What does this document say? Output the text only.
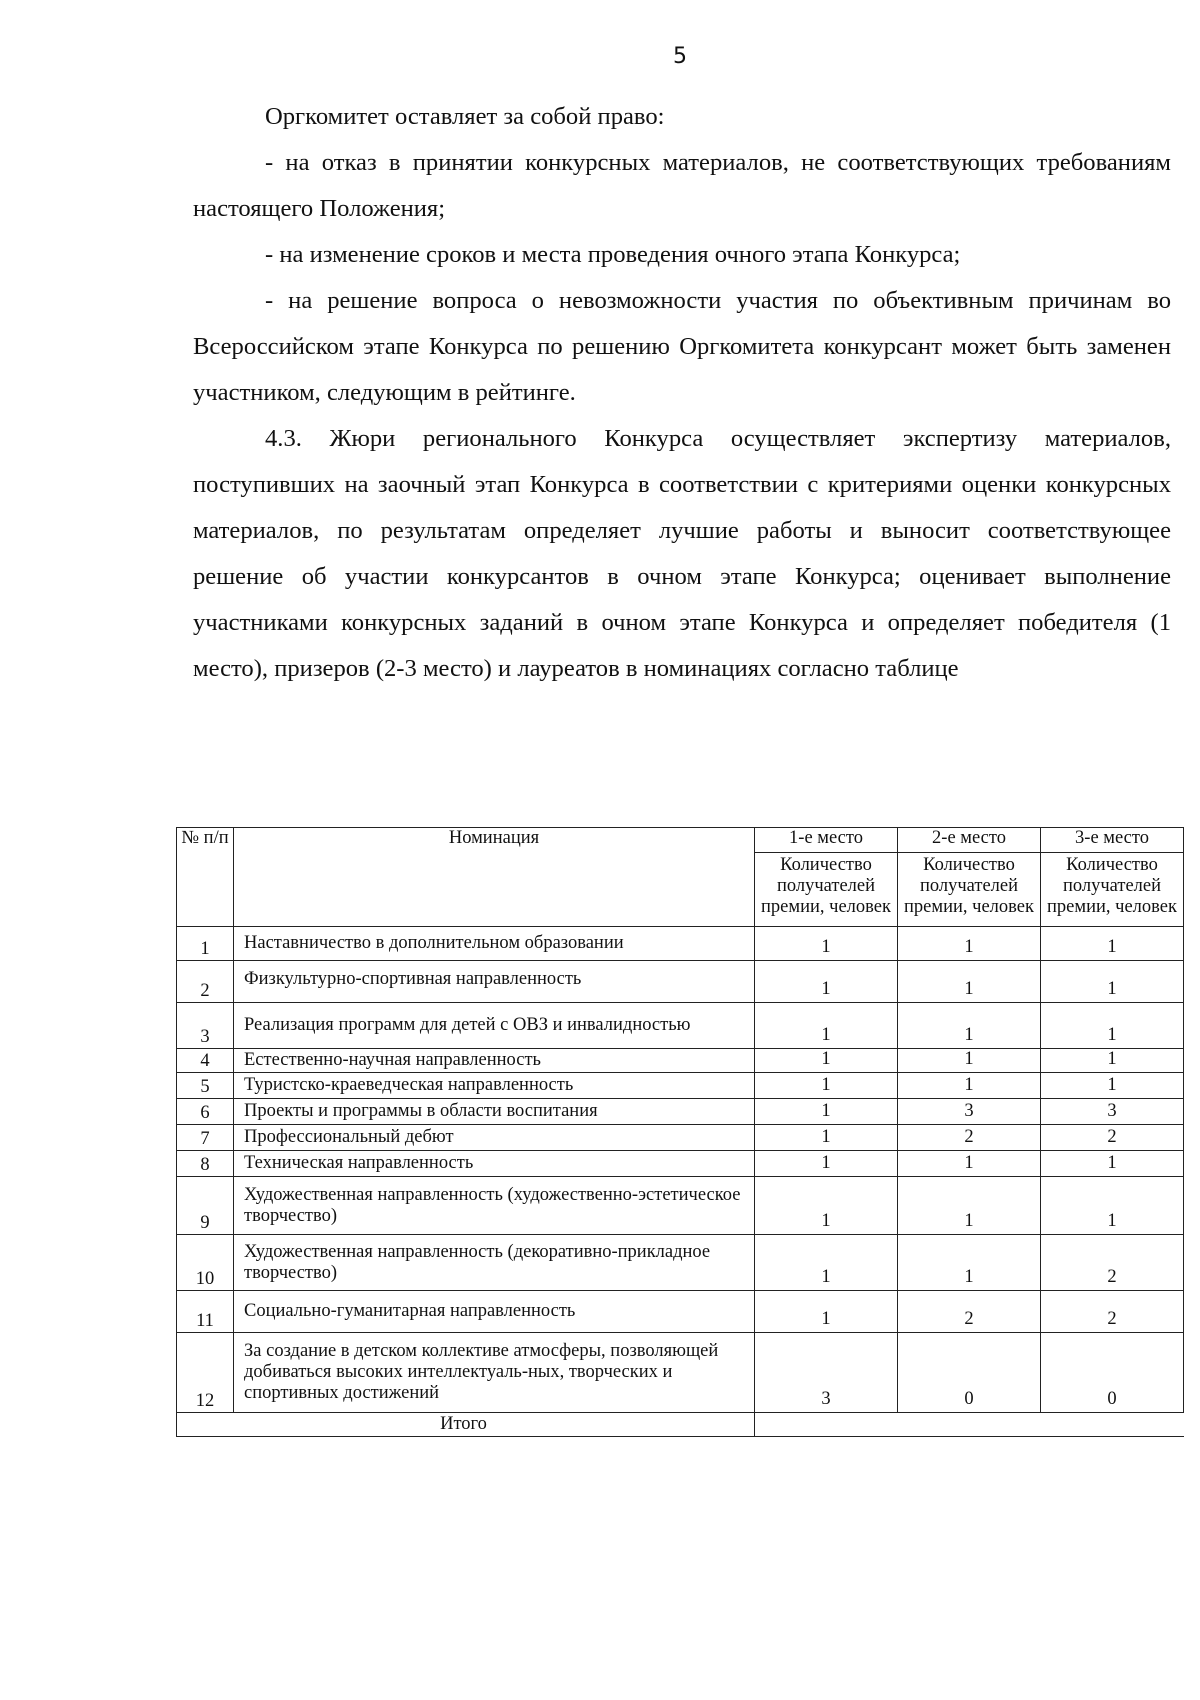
5

Оргкомитет оставляет за собой право:

- на отказ в принятии конкурсных материалов, не соответствующих требованиям настоящего Положения;

- на изменение сроков и места проведения очного этапа Конкурса;

- на решение вопроса о невозможности участия по объективным причинам во Всероссийском этапе Конкурса по решению Оргкомитета конкурсант может быть заменен участником, следующим в рейтинге.

4.3. Жюри регионального Конкурса осуществляет экспертизу материалов, поступивших на заочный этап Конкурса в соответствии с критериями оценки конкурсных материалов, по результатам определяет лучшие работы и выносит соответствующее решение об участии конкурсантов в очном этапе Конкурса; оценивает выполнение участниками конкурсных заданий в очном этапе Конкурса и определяет победителя (1 место), призеров (2-3 место) и лауреатов в номинациях согласно таблице

№ п/п	Номинация	1-е место	2-е место	3-е место
		Количество получателей премии, человек	Количество получателей премии, человек	Количество получателей премии, человек
1	Наставничество в дополнительном образовании	1	1	1
2	Физкультурно-спортивная направленность	1	1	1
3	Реализация программ для детей с ОВЗ и инвалидностью	1	1	1
4	Естественно-научная направленность	1	1	1
5	Туристско-краеведческая направленность	1	1	1
6	Проекты и программы в области воспитания	1	3	3
7	Профессиональный дебют	1	2	2
8	Техническая направленность	1	1	1
9	Художественная направленность (художественно-эстетическое творчество)	1	1	1
10	Художественная направленность (декоративно-прикладное творчество)	1	1	2
11	Социально-гуманитарная направленность	1	2	2
12	За создание в детском коллективе атмосферы, позволяющей добиваться высоких интеллектуаль-ных, творческих и спортивных достижений	3	0	0
Итого				
